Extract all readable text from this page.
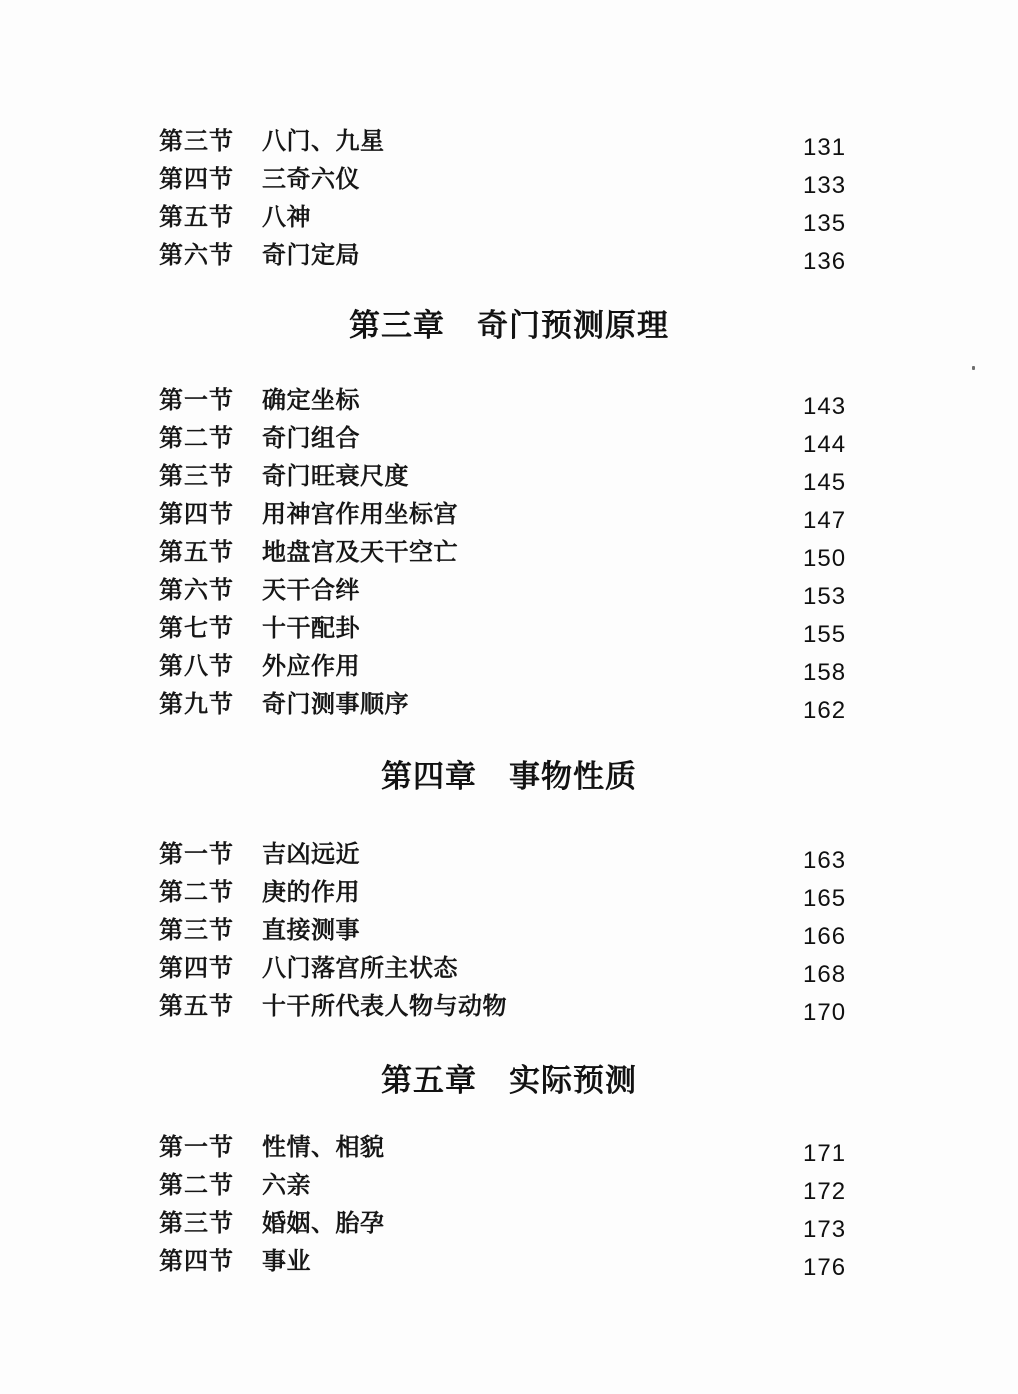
第三节 八门、九星	131
第四节 三奇六仪	133
第五节 八神	135
第六节 奇门定局	136
第三章　奇门预测原理
第一节 确定坐标	143
第二节 奇门组合	144
第三节 奇门旺衰尺度	145
第四节 用神宫作用坐标宫	147
第五节 地盘宫及天干空亡	150
第六节 天干合绊	153
第七节 十干配卦	155
第八节 外应作用	158
第九节 奇门测事顺序	162
第四章　事物性质
第一节 吉凶远近	163
第二节 庚的作用	165
第三节 直接测事	166
第四节 八门落宫所主状态	168
第五节 十干所代表人物与动物	170
第五章　实际预测
第一节 性情、相貌	171
第二节 六亲	172
第三节 婚姻、胎孕	173
第四节 事业	176
